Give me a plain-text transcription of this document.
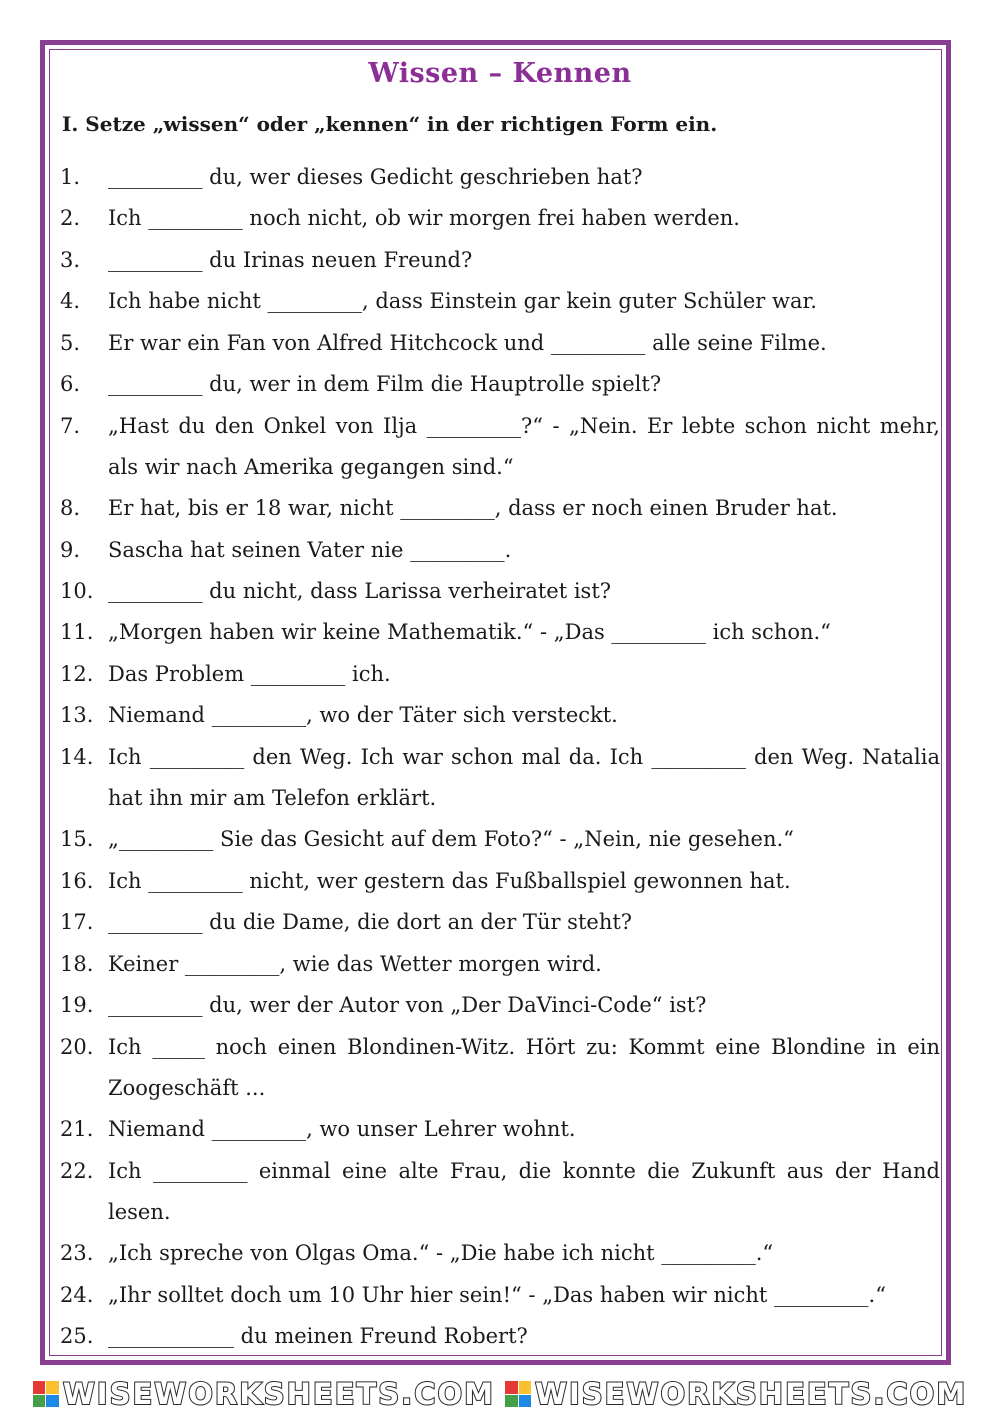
Wissen – Kennen
I. Setze „wissen“ oder „kennen“ in der richtigen Form ein.
1.	_________ du, wer dieses Gedicht geschrieben hat?
2.	Ich _________ noch nicht, ob wir morgen frei haben werden.
3.	_________ du Irinas neuen Freund?
4.	Ich habe nicht _________, dass Einstein gar kein guter Schüler war.
5.	Er war ein Fan von Alfred Hitchcock und _________ alle seine Filme.
6.	_________ du, wer in dem Film die Hauptrolle spielt?
7.	„Hast du den Onkel von Ilja _________?“ - „Nein. Er lebte schon nicht mehr, als wir nach Amerika gegangen sind.“
8.	Er hat, bis er 18 war, nicht _________, dass er noch einen Bruder hat.
9.	Sascha hat seinen Vater nie _________.
10. _________ du nicht, dass Larissa verheiratet ist?
11. „Morgen haben wir keine Mathematik.“ - „Das _________ ich schon.“
12. Das Problem _________ ich.
13. Niemand _________, wo der Täter sich versteckt.
14. Ich _________ den Weg. Ich war schon mal da. Ich _________ den Weg. Natalia hat ihn mir am Telefon erklärt.
15. „_________ Sie das Gesicht auf dem Foto?“ - „Nein, nie gesehen.“
16. Ich _________ nicht, wer gestern das Fußballspiel gewonnen hat.
17. _________ du die Dame, die dort an der Tür steht?
18. Keiner _________, wie das Wetter morgen wird.
19. _________ du, wer der Autor von „Der DaVinci-Code“ ist?
20. Ich _____ noch einen Blondinen-Witz. Hört zu: Kommt eine Blondine in ein Zoogeschäft ...
21. Niemand _________, wo unser Lehrer wohnt.
22. Ich _________ einmal eine alte Frau, die konnte die Zukunft aus der Hand lesen.
23. „Ich spreche von Olgas Oma.“ - „Die habe ich nicht _________.“
24. „Ihr solltet doch um 10 Uhr hier sein!“ - „Das haben wir nicht _________.“
25. ____________ du meinen Freund Robert?
WISEWORKSHEETS.COM WISEWORKSHEETS.COM
